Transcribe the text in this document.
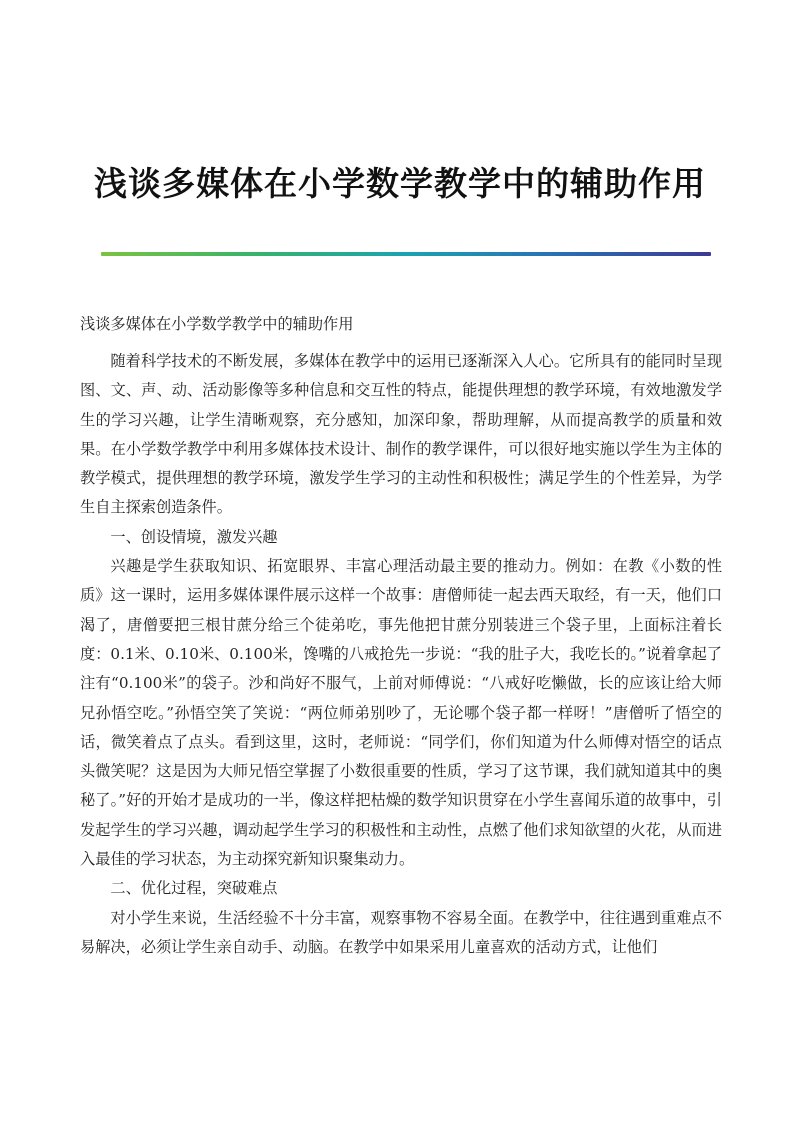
浅谈多媒体在小学数学教学中的辅助作用

浅谈多媒体在小学数学教学中的辅助作用

随着科学技术的不断发展，多媒体在教学中的运用已逐渐深入人心。它所具有的能同时呈现图、文、声、动、活动影像等多种信息和交互性的特点，能提供理想的教学环境，有效地激发学生的学习兴趣，让学生清晰观察，充分感知，加深印象，帮助理解，从而提高教学的质量和效果。在小学数学教学中利用多媒体技术设计、制作的教学课件，可以很好地实施以学生为主体的教学模式，提供理想的教学环境，激发学生学习的主动性和积极性；满足学生的个性差异，为学生自主探索创造条件。

一、创设情境，激发兴趣

兴趣是学生获取知识、拓宽眼界、丰富心理活动最主要的推动力。例如：在教《小数的性质》这一课时，运用多媒体课件展示这样一个故事：唐僧师徒一起去西天取经，有一天，他们口渴了，唐僧要把三根甘蔗分给三个徒弟吃，事先他把甘蔗分别装进三个袋子里，上面标注着长度：0.1米、0.10米、0.100米，馋嘴的八戒抢先一步说：“我的肚子大，我吃长的。”说着拿起了注有“0.100米”的袋子。沙和尚好不服气，上前对师傅说：“八戒好吃懒做，长的应该让给大师兄孙悟空吃。”孙悟空笑了笑说：“两位师弟别吵了，无论哪个袋子都一样呀！”唐僧听了悟空的话，微笑着点了点头。看到这里，这时，老师说：“同学们，你们知道为什么师傅对悟空的话点头微笑呢？这是因为大师兄悟空掌握了小数很重要的性质，学习了这节课，我们就知道其中的奥秘了。”好的开始才是成功的一半，像这样把枯燥的数学知识贯穿在小学生喜闻乐道的故事中，引发起学生的学习兴趣，调动起学生学习的积极性和主动性，点燃了他们求知欲望的火花，从而进入最佳的学习状态，为主动探究新知识聚集动力。

二、优化过程，突破难点

对小学生来说，生活经验不十分丰富，观察事物不容易全面。在教学中，往往遇到重难点不易解决，必须让学生亲自动手、动脑。在教学中如果采用儿童喜欢的活动方式，让他们
